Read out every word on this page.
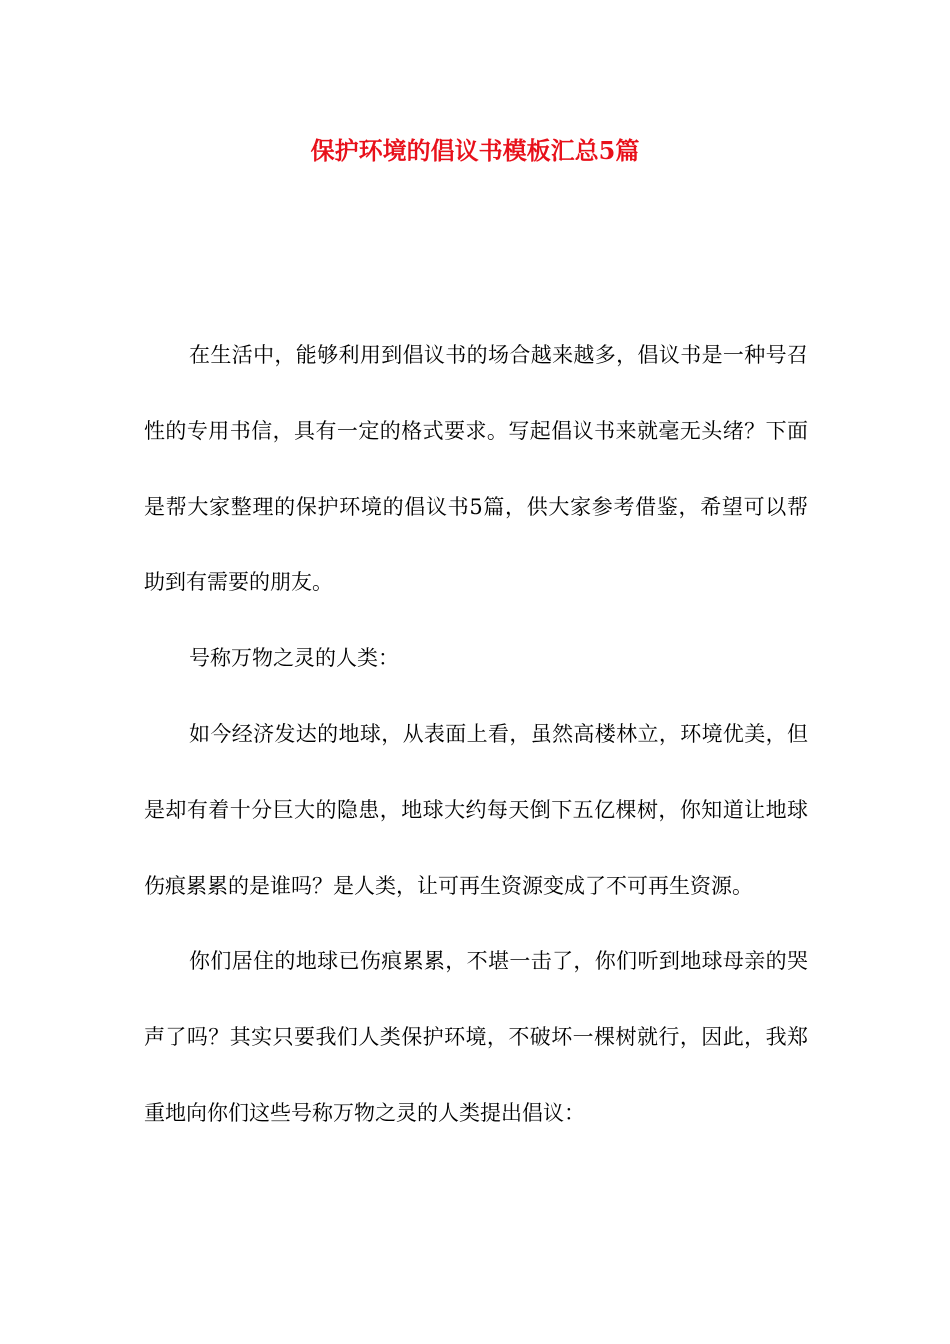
保护环境的倡议书模板汇总5篇

在生活中，能够利用到倡议书的场合越来越多，倡议书是一种号召性的专用书信，具有一定的格式要求。写起倡议书来就毫无头绪？下面是帮大家整理的保护环境的倡议书5篇，供大家参考借鉴，希望可以帮助到有需要的朋友。

号称万物之灵的人类：

如今经济发达的地球，从表面上看，虽然高楼林立，环境优美，但是却有着十分巨大的隐患，地球大约每天倒下五亿棵树，你知道让地球伤痕累累的是谁吗？是人类，让可再生资源变成了不可再生资源。

你们居住的地球已伤痕累累，不堪一击了，你们听到地球母亲的哭声了吗？其实只要我们人类保护环境，不破坏一棵树就行，因此，我郑重地向你们这些号称万物之灵的人类提出倡议：
